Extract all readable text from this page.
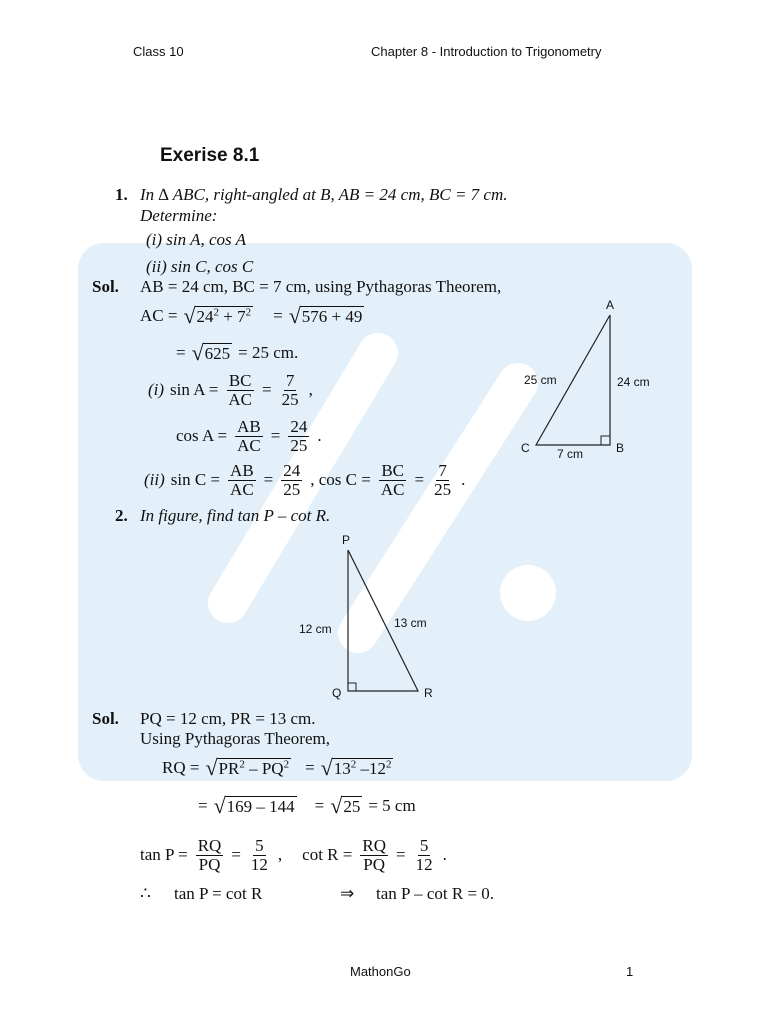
Class 10	Chapter 8 - Introduction to Trigonometry
Exerise 8.1
1. In ∆ ABC, right-angled at B, AB = 24 cm, BC = 7 cm.
Determine:
(i) sin A, cos A
(ii) sin C, cos C
Sol. AB = 24 cm, BC = 7 cm, using Pythagoras Theorem,
AC = √ $24^2 + 7^2$ = √ 576 + 49
= √ 625 = 25 cm.
(i) $\sin A = \frac{BC}{AC} = \frac{7}{25}$ ,
$\cos A = \frac{AB}{AC} = \frac{24}{25}$ .
(ii) $\sin C = \frac{AB}{AC} = \frac{24}{25}$ , $\cos C = \frac{BC}{AC} = \frac{7}{25}$ .
A
B
C
25 cm	24 cm
7 cm
2. In figure, find tan P – cot R.
P
Q	R
12 cm	13 cm
Sol. PQ = 12 cm, PR = 13 cm.
Using Pythagoras Theorem,
RQ = √ $PR^2 - PQ^2$ = √ $13^2$ $-12^2$
= √ 169 – 144 = √ 25 = 5 cm
$\tan P = \frac{RQ}{PQ} = \frac{5}{12}$ , $\cot R = \frac{RQ}{PQ} = \frac{5}{12}$ .
∴ tan P = cot R	⇒ tan P – cot R = 0.
MathonGo	1
